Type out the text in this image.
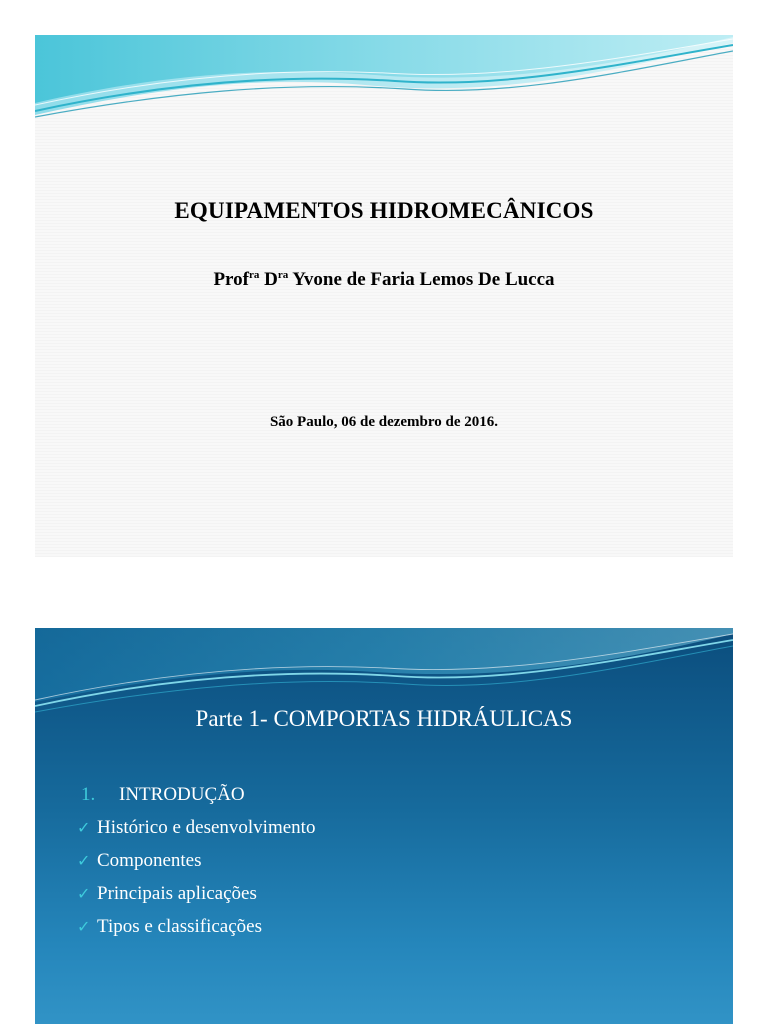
EQUIPAMENTOS HIDROMECÂNICOS
Prof$^{ra}$ $D^{ra}$ Yvone de Faria Lemos De Lucca
São Paulo, 06 de dezembro de 2016.
Parte 1- COMPORTAS HIDRÁULICAS
1. INTRODUÇÃO
✓ Histórico e desenvolvimento
✓ Componentes
✓ Principais aplicações
✓ Tipos e classificações
